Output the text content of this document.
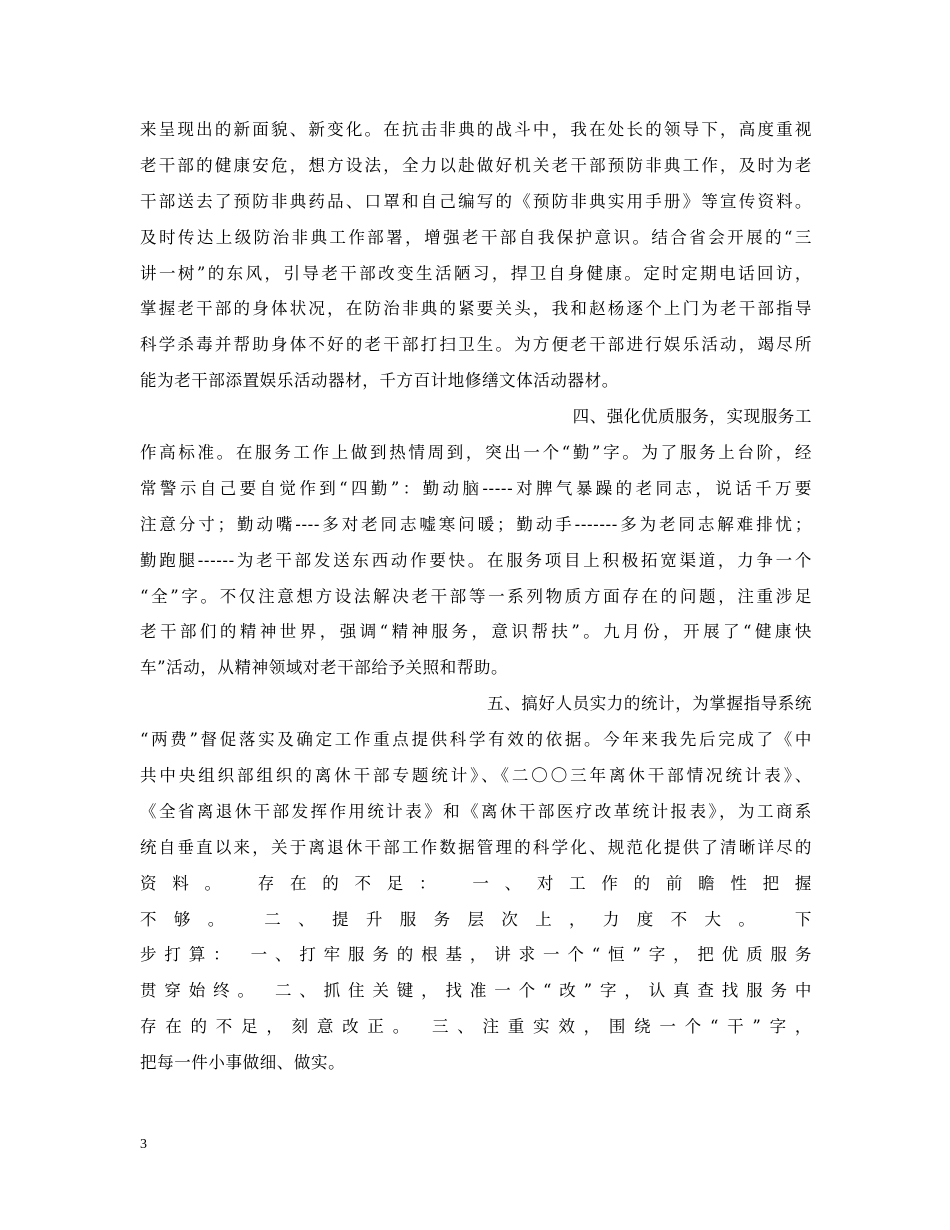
来呈现出的新面貌、新变化。在抗击非典的战斗中，我在处长的领导下，高度重视
老干部的健康安危，想方设法，全力以赴做好机关老干部预防非典工作，及时为老
干部送去了预防非典药品、口罩和自己编写的《预防非典实用手册》等宣传资料。
及时传达上级防治非典工作部署，增强老干部自我保护意识。结合省会开展的“三
讲一树”的东风，引导老干部改变生活陋习，捍卫自身健康。定时定期电话回访，
掌握老干部的身体状况，在防治非典的紧要关头，我和赵杨逐个上门为老干部指导
科学杀毒并帮助身体不好的老干部打扫卫生。为方便老干部进行娱乐活动，竭尽所
能为老干部添置娱乐活动器材，千方百计地修缮文体活动器材。
四、强化优质服务，实现服务工
作高标准。在服务工作上做到热情周到，突出一个“勤”字。为了服务上台阶，经
常警示自己要自觉作到“四勤”：勤动脑-----对脾气暴躁的老同志，说话千万要
注意分寸；勤动嘴----多对老同志嘘寒问暖；勤动手-------多为老同志解难排忧；
勤跑腿------为老干部发送东西动作要快。在服务项目上积极拓宽渠道，力争一个
“全”字。不仅注意想方设法解决老干部等一系列物质方面存在的问题，注重涉足
老干部们的精神世界，强调“精神服务，意识帮扶”。九月份，开展了“健康快
车”活动，从精神领域对老干部给予关照和帮助。
五、搞好人员实力的统计，为掌握指导系统
“两费”督促落实及确定工作重点提供科学有效的依据。今年来我先后完成了《中
共中央组织部组织的离休干部专题统计》、《二〇〇三年离休干部情况统计表》、
《全省离退休干部发挥作用统计表》和《离休干部医疗改革统计报表》，为工商系
统自垂直以来，关于离退休干部工作数据管理的科学化、规范化提供了清晰详尽的
资料。 存在的不足： 一、对工作的前瞻性把握
不够。 二、提升服务层次上，力度不大。 下
步打算： 一、打牢服务的根基，讲求一个“恒”字，把优质服务
贯穿始终。 二、抓住关键，找准一个“改”字，认真查找服务中
存在的不足，刻意改正。 三、注重实效，围绕一个“干”字，
把每一件小事做细、做实。
3
